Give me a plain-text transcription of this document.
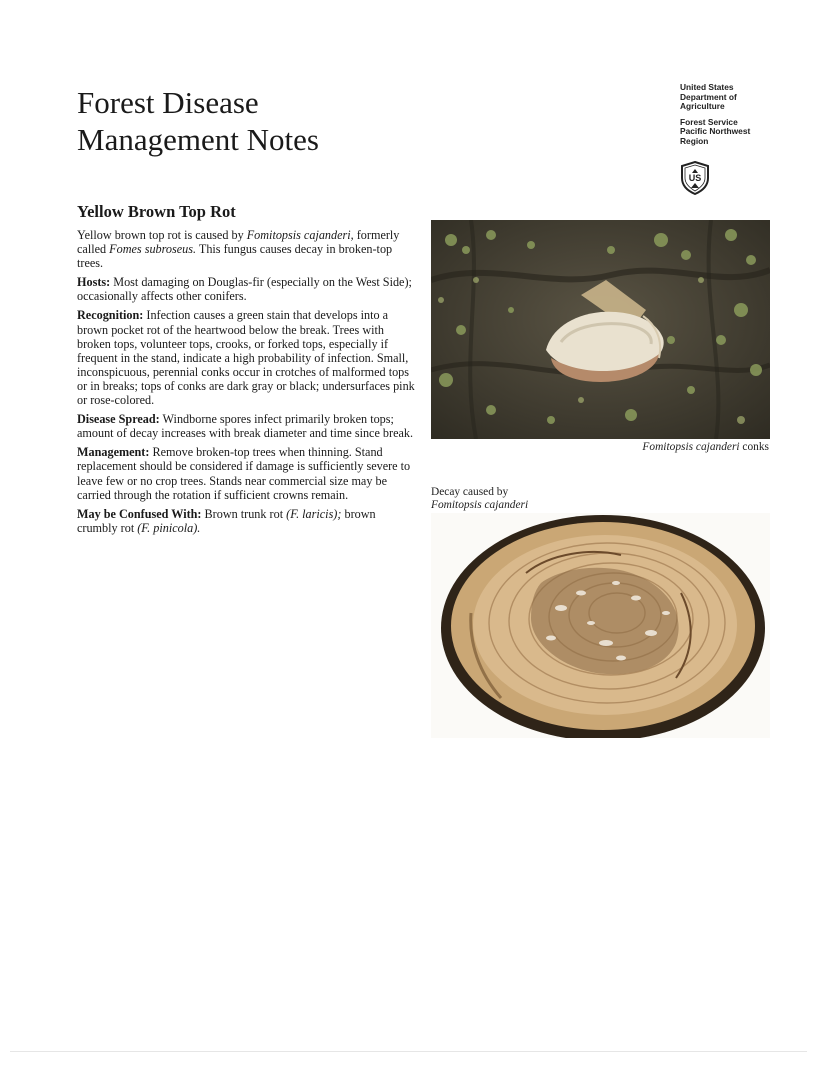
Forest Disease
Management Notes
United States
Department of
Agriculture
Forest Service
Pacific Northwest
Region
US
Yellow Brown Top Rot

Yellow brown top rot is caused by Fomitopsis cajanderi, formerly called Fomes subroseus. This fungus causes decay in broken-top trees.

Hosts: Most damaging on Douglas-fir (especially on the West Side); occasionally affects other conifers.

Recognition: Infection causes a green stain that develops into a brown pocket rot of the heartwood below the break. Trees with broken tops, volunteer tops, crooks, or forked tops, especially if frequent in the stand, indicate a high probability of infection. Small, inconspicuous, perennial conks occur in crotches of malformed tops or in breaks; tops of conks are dark gray or black; undersurfaces pink or rose-colored.

Disease Spread: Windborne spores infect primarily broken tops; amount of decay increases with break diameter and time since break.

Management: Remove broken-top trees when thinning. Stand replacement should be considered if damage is sufficiently severe to leave few or no crop trees. Stands near commercial size may be carried through the rotation if sufficient crowns remain.

May be Confused With: Brown trunk rot (F. laricis); brown crumbly rot (F. pinicola).

Fomitopsis cajanderi conks
Decay caused by
Fomitopsis cajanderi
